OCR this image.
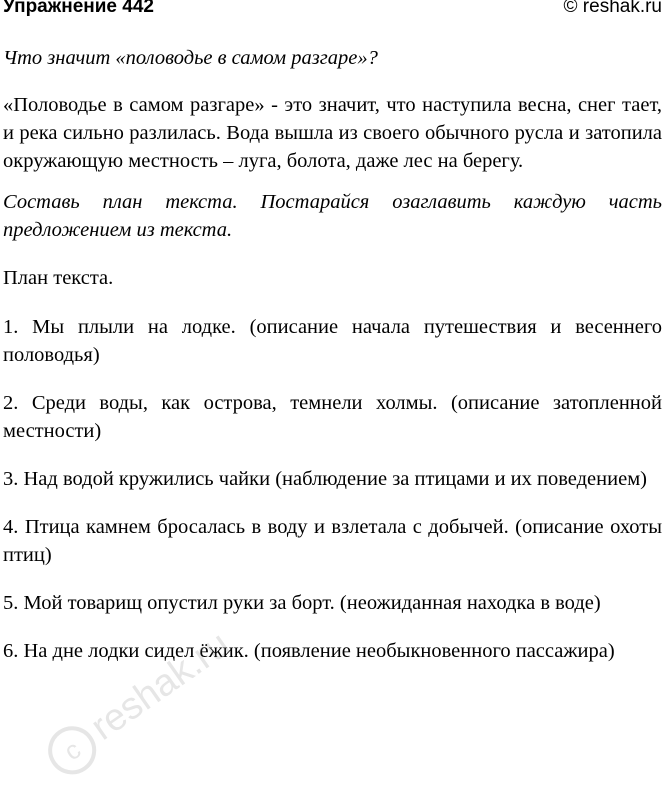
Упражнение 442	© reshak.ru

Что значит «половодье в самом разгаре»?

«Половодье в самом разгаре» - это значит, что наступила весна, снег тает, и река сильно разлилась. Вода вышла из своего обычного русла и затопила окружающую местность – луга, болота, даже лес на берегу.

Составь план текста. Постарайся озаглавить каждую часть предложением из текста.

План текста.

1. Мы плыли на лодке. (описание начала путешествия и весеннего половодья)

2. Среди воды, как острова, темнели холмы. (описание затопленной местности)

3. Над водой кружились чайки (наблюдение за птицами и их поведением)

4. Птица камнем бросалась в воду и взлетала с добычей. (описание охоты птиц)

5. Мой товарищ опустил руки за борт. (неожиданная находка в воде)

6. На дне лодки сидел ёжик. (появление необыкновенного пассажира)

c
reshak.ru
